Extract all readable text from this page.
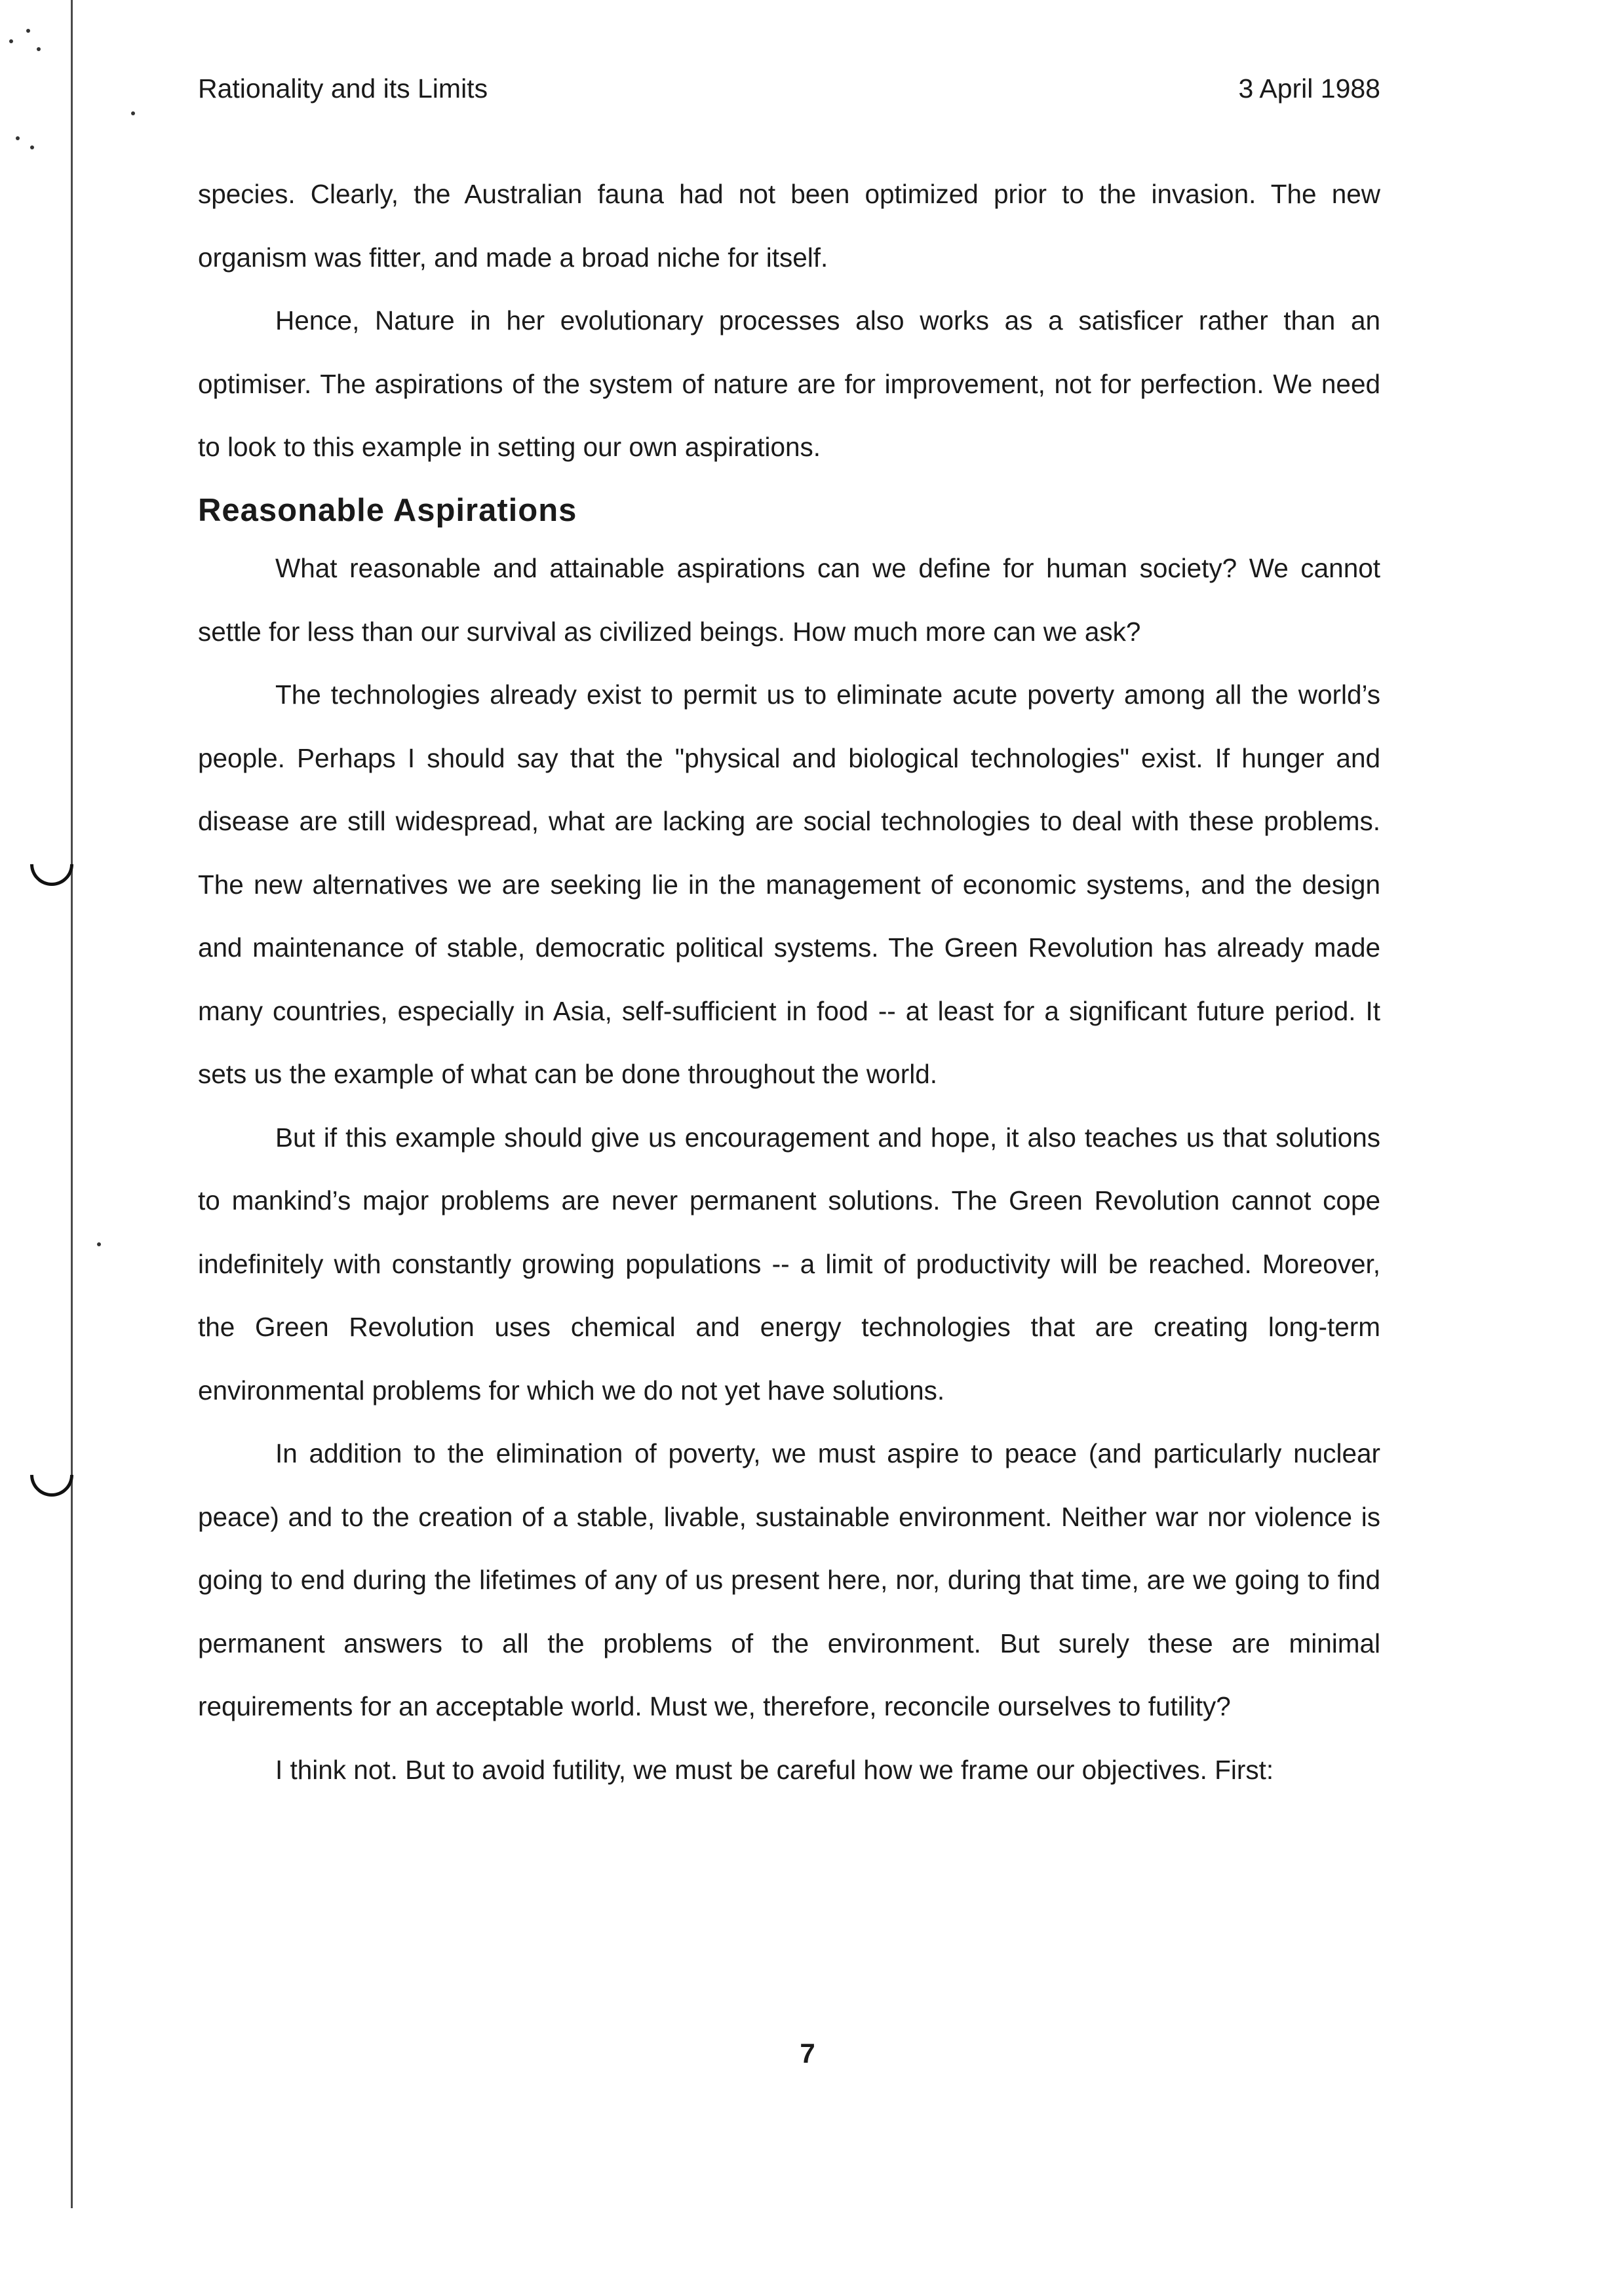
Rationality and its Limits	3 April 1988

species. Clearly, the Australian fauna had not been optimized prior to the invasion. The new organism was fitter, and made a broad niche for itself.

Hence, Nature in her evolutionary processes also works as a satisficer rather than an optimiser. The aspirations of the system of nature are for improvement, not for perfection. We need to look to this example in setting our own aspirations.

Reasonable Aspirations

What reasonable and attainable aspirations can we define for human society? We cannot settle for less than our survival as civilized beings. How much more can we ask?

The technologies already exist to permit us to eliminate acute poverty among all the world’s people. Perhaps I should say that the "physical and biological technologies" exist. If hunger and disease are still widespread, what are lacking are social technologies to deal with these problems. The new alternatives we are seeking lie in the management of economic systems, and the design and maintenance of stable, democratic political systems. The Green Revolution has already made many countries, especially in Asia, self-sufficient in food -- at least for a significant future period. It sets us the example of what can be done throughout the world.

But if this example should give us encouragement and hope, it also teaches us that solutions to mankind’s major problems are never permanent solutions. The Green Revolution cannot cope indefinitely with constantly growing populations -- a limit of productivity will be reached. Moreover, the Green Revolution uses chemical and energy technologies that are creating long-term environmental problems for which we do not yet have solutions.

In addition to the elimination of poverty, we must aspire to peace (and particularly nuclear peace) and to the creation of a stable, livable, sustainable environment. Neither war nor violence is going to end during the lifetimes of any of us present here, nor, during that time, are we going to find permanent answers to all the problems of the environment. But surely these are minimal requirements for an acceptable world. Must we, therefore, reconcile ourselves to futility?

I think not. But to avoid futility, we must be careful how we frame our objectives. First:

7
